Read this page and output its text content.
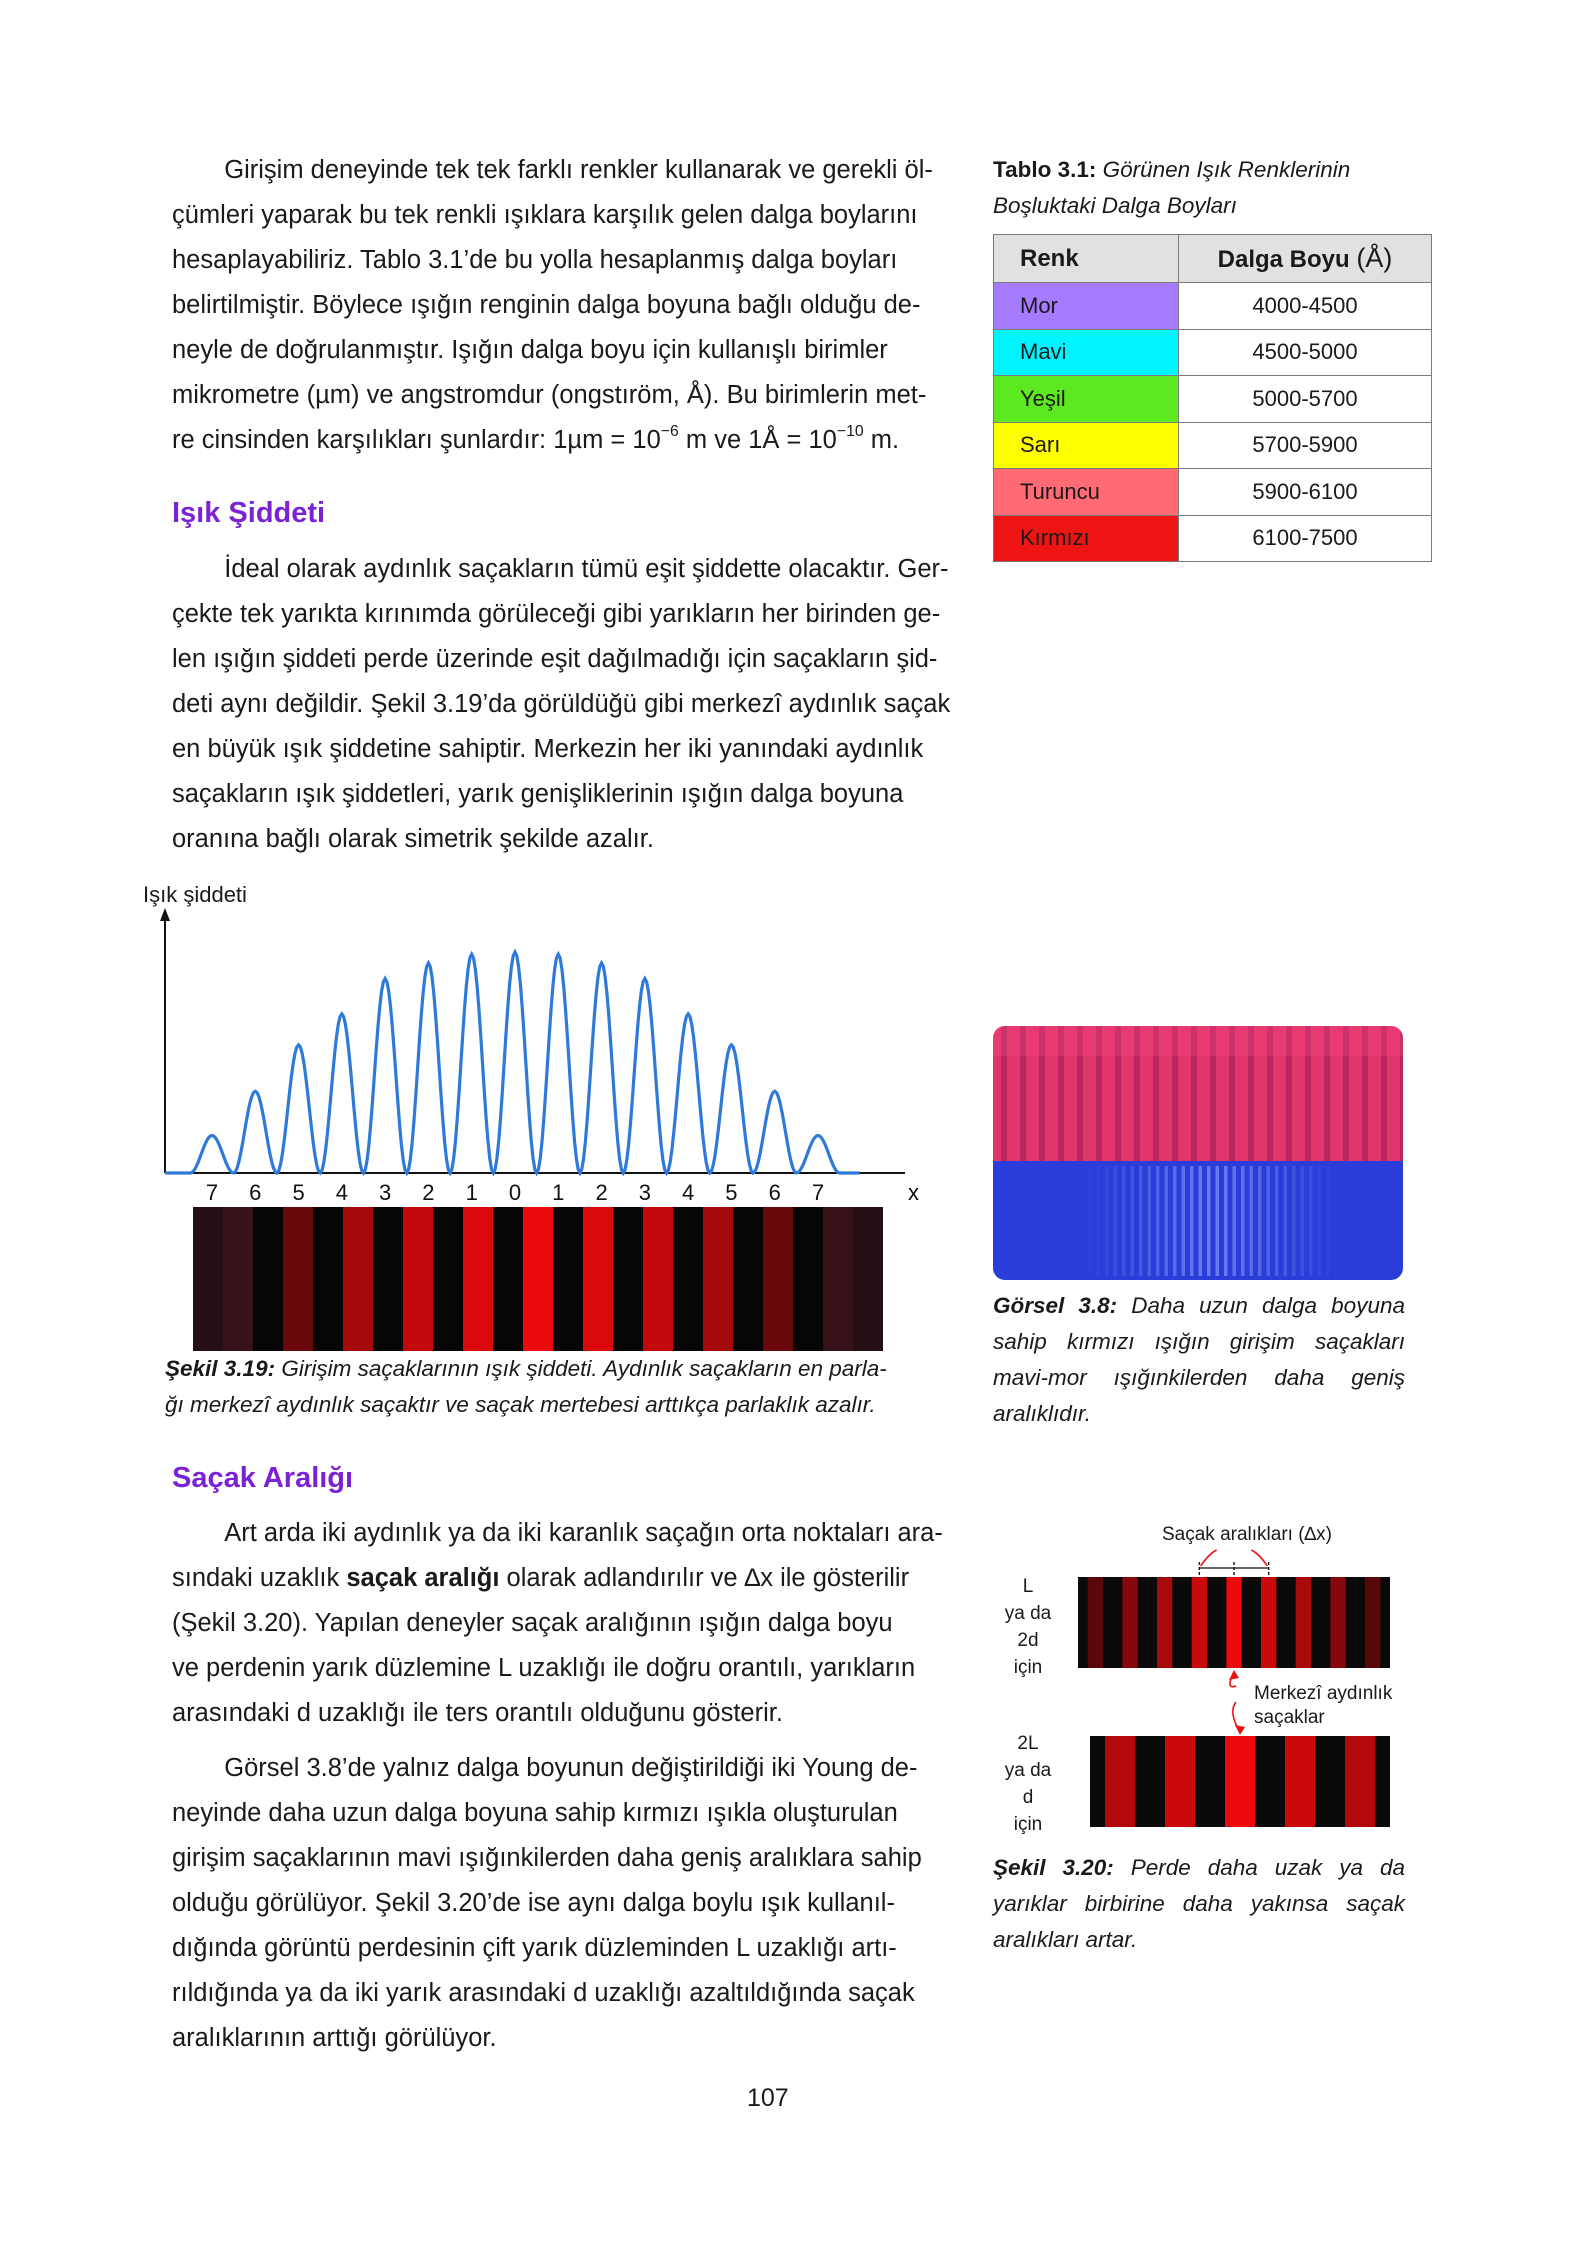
Girişim deneyinde tek tek farklı renkler kullanarak ve gerekli öl-

çümleri yaparak bu tek renkli ışıklara karşılık gelen dalga boylarını

hesaplayabiliriz. Tablo 3.1’de bu yolla hesaplanmış dalga boyları

belirtilmiştir. Böylece ışığın renginin dalga boyuna bağlı olduğu de-

neyle de doğrulanmıştır. Işığın dalga boyu için kullanışlı birimler

mikrometre (µm) ve angstromdur (ongstıröm, Å). Bu birimlerin met-

re cinsinden karşılıkları şunlardır: $1\mu m = 10^{-6}$ m ve 1Å = $10^{-10}$ m.

Işık Şiddeti

İdeal olarak aydınlık saçakların tümü eşit şiddette olacaktır. Ger-

çekte tek yarıkta kırınımda görüleceği gibi yarıkların her birinden ge-

len ışığın şiddeti perde üzerinde eşit dağılmadığı için saçakların şid-

deti aynı değildir. Şekil 3.19’da görüldüğü gibi merkezî aydınlık saçak

en büyük ışık şiddetine sahiptir. Merkezin her iki yanındaki aydınlık

saçakların ışık şiddetleri, yarık genişliklerinin ışığın dalga boyuna

oranına bağlı olarak simetrik şekilde azalır.

Işık şiddeti
7 6 5 4 3 2 1 0 1 2 3 4 5 6 7	x
Şekil 3.19: Girişim saçaklarının ışık şiddeti. Aydınlık saçakların en parla-
ğı merkezî aydınlık saçaktır ve saçak mertebesi arttıkça parlaklık azalır.
Saçak Aralığı

Art arda iki aydınlık ya da iki karanlık saçağın orta noktaları ara-

sındaki uzaklık saçak aralığı olarak adlandırılır ve ∆x ile gösterilir

(Şekil 3.20). Yapılan deneyler saçak aralığının ışığın dalga boyu

ve perdenin yarık düzlemine L uzaklığı ile doğru orantılı, yarıkların

arasındaki d uzaklığı ile ters orantılı olduğunu gösterir.

Görsel 3.8’de yalnız dalga boyunun değiştirildiği iki Young de-

neyinde daha uzun dalga boyuna sahip kırmızı ışıkla oluşturulan

girişim saçaklarının mavi ışığınkilerden daha geniş aralıklara sahip

olduğu görülüyor. Şekil 3.20’de ise aynı dalga boylu ışık kullanıl-

dığında görüntü perdesinin çift yarık düzleminden L uzaklığı artı-

rıldığında ya da iki yarık arasındaki d uzaklığı azaltıldığında saçak

aralıklarının arttığı görülüyor.

107
Tablo 3.1: Görünen Işık Renklerinin
Boşluktaki Dalga Boyları
Renk	Dalga Boyu (Å)
Mor	4000-4500
Mavi	4500-5000
Yeşil	5000-5700
Sarı	5700-5900
Turuncu	5900-6100
Kırmızı	6100-7500
Görsel 3.8: Daha uzun dalga boyuna
sahip kırmızı ışığın girişim saçakları
mavi-mor ışığınkilerden daha geniş
aralıklıdır.
Saçak aralıkları (∆x)
L
ya da
2d
için
2L
ya da
d
için
Merkezî aydınlık
saçaklar
Şekil 3.20: Perde daha uzak ya da
yarıklar birbirine daha yakınsa saçak
aralıkları artar.
